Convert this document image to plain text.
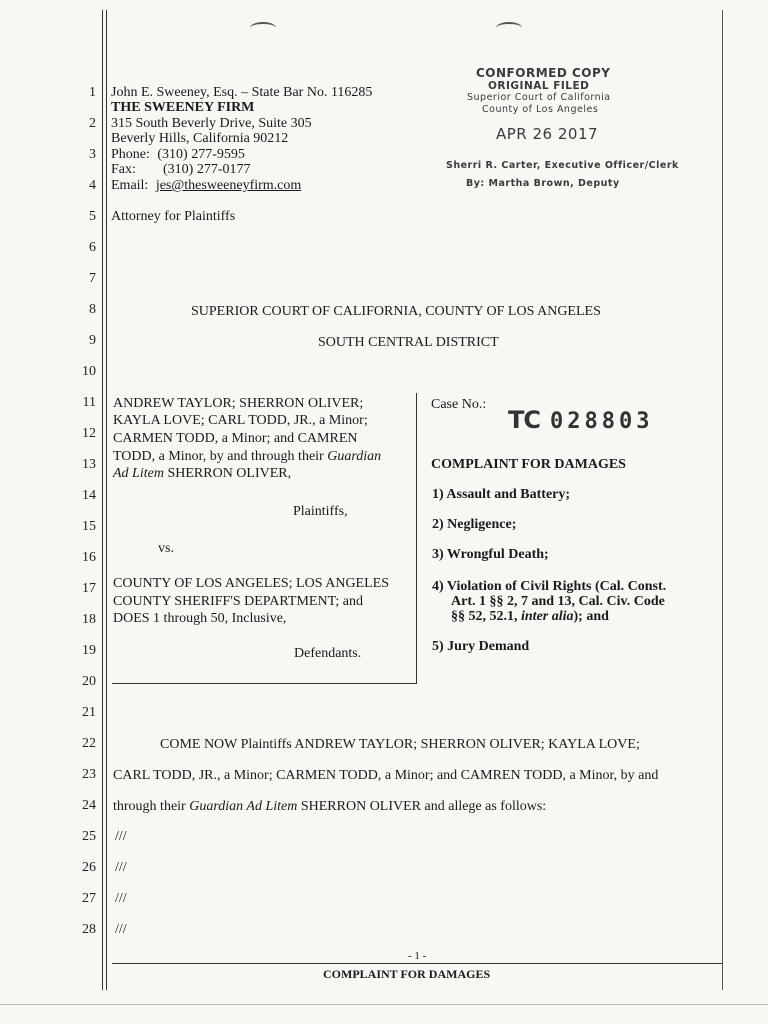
1
2
3
4
5
6
7
8
9
10
11
12
13
14
15
16
17
18
19
20
21
22
23
24
25
26
27
28
John E. Sweeney, Esq. – State Bar No. 116285
THE SWEENEY FIRM
315 South Beverly Drive, Suite 305
Beverly Hills, California 90212
Phone: (310) 277-9595
Fax: (310) 277-0177
Email: jes@thesweeneyfirm.com
Attorney for Plaintiffs
CONFORMED COPY
ORIGINAL FILED
Superior Court of California
County of Los Angeles
APR 26 2017
Sherri R. Carter, Executive Officer/Clerk
By: Martha Brown, Deputy
SUPERIOR COURT OF CALIFORNIA, COUNTY OF LOS ANGELES
SOUTH CENTRAL DISTRICT
ANDREW TAYLOR; SHERRON OLIVER;
KAYLA LOVE; CARL TODD, JR., a Minor;
CARMEN TODD, a Minor; and CAMREN
TODD, a Minor, by and through their Guardian
Ad Litem SHERRON OLIVER,
Plaintiffs,
vs.
COUNTY OF LOS ANGELES; LOS ANGELES
COUNTY SHERIFF'S DEPARTMENT; and
DOES 1 through 50, Inclusive,
Defendants.
Case No.:
TC 028803
COMPLAINT FOR DAMAGES
1) Assault and Battery;
2) Negligence;
3) Wrongful Death;
4) Violation of Civil Rights (Cal. Const.
Art. 1 §§ 2, 7 and 13, Cal. Civ. Code
§§ 52, 52.1, inter alia); and
5) Jury Demand
COME NOW Plaintiffs ANDREW TAYLOR; SHERRON OLIVER; KAYLA LOVE;
CARL TODD, JR., a Minor; CARMEN TODD, a Minor; and CAMREN TODD, a Minor, by and
through their Guardian Ad Litem SHERRON OLIVER and allege as follows:
///
///
///
///
- 1 -
COMPLAINT FOR DAMAGES
